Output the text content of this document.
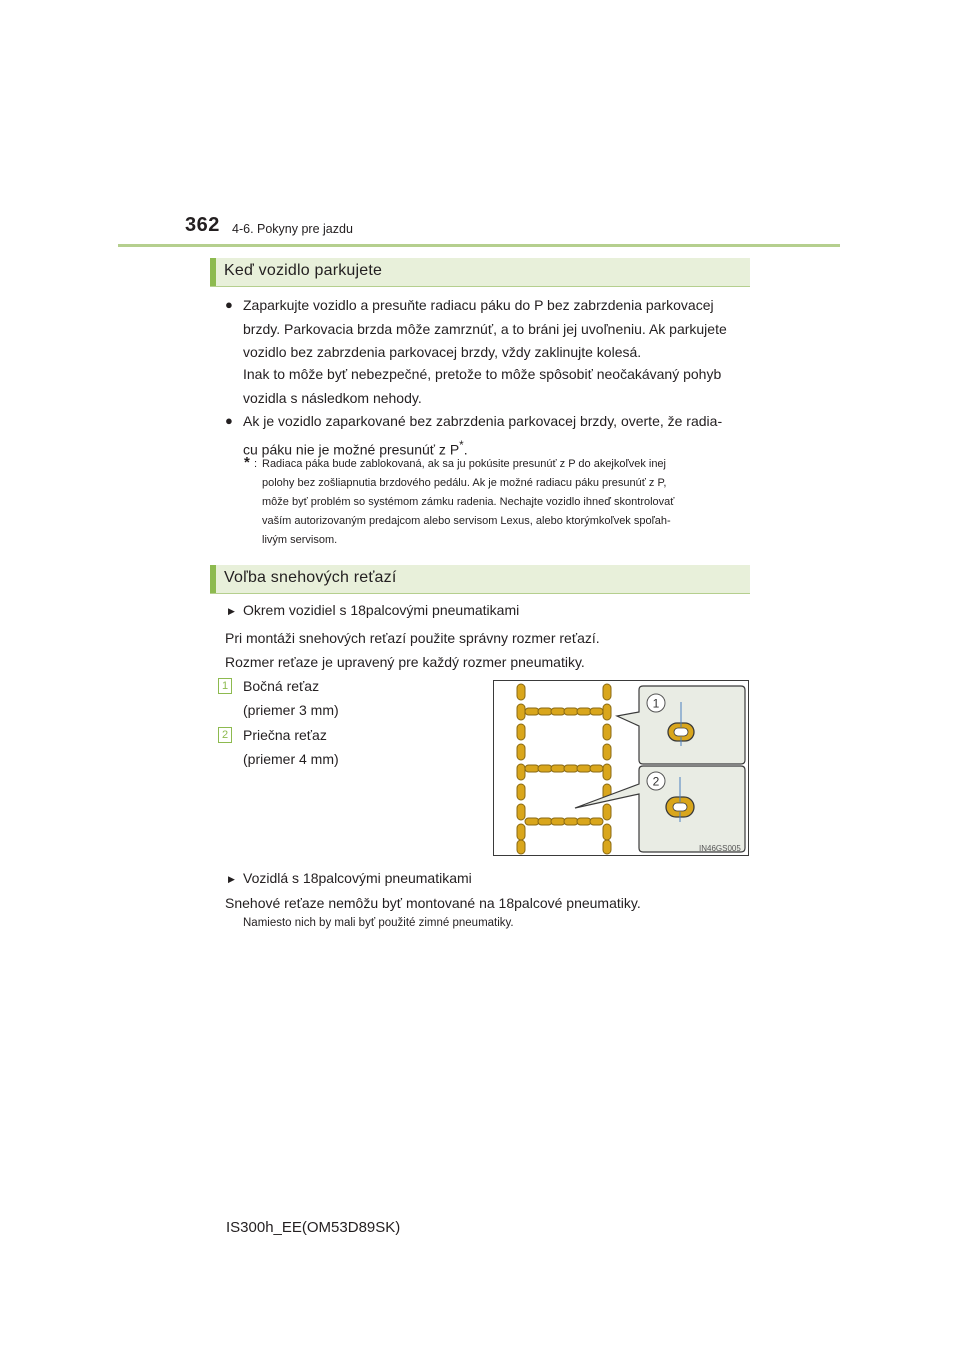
362 4-6. Pokyny pre jazdu
Keď vozidlo parkujete
● Zaparkujte vozidlo a presuňte radiacu páku do P bez zabrzdenia parkovacej
brzdy. Parkovacia brzda môže zamrznúť, a to bráni jej uvoľneniu. Ak parkujete
vozidlo bez zabrzdenia parkovacej brzdy, vždy zaklinujte kolesá.
Inak to môže byť nebezpečné, pretože to môže spôsobiť neočakávaný pohyb
vozidla s následkom nehody.
● Ak je vozidlo zaparkované bez zabrzdenia parkovacej brzdy, overte, že radia-
cu páku nie je možné presunúť z P*.
* : Radiaca páka bude zablokovaná, ak sa ju pokúsite presunúť z P do akejkoľvek inej
polohy bez zošliapnutia brzdového pedálu. Ak je možné radiacu páku presunúť z P,
môže byť problém so systémom zámku radenia. Nechajte vozidlo ihneď skontrolovať
vaším autorizovaným predajcom alebo servisom Lexus, alebo ktorýmkoľvek spoľah-
livým servisom.
Voľba snehových reťazí
▶ Okrem vozidiel s 18palcovými pneumatikami
Pri montáži snehových reťazí použite správny rozmer reťazí.
Rozmer reťaze je upravený pre každý rozmer pneumatiky.
1 Bočná reťaz
(priemer 3 mm)
2 Priečna reťaz
(priemer 4 mm)
1
2
IN46GS005
▶ Vozidlá s 18palcovými pneumatikami
Snehové reťaze nemôžu byť montované na 18palcové pneumatiky.
Namiesto nich by mali byť použité zimné pneumatiky.
IS300h_EE(OM53D89SK)
